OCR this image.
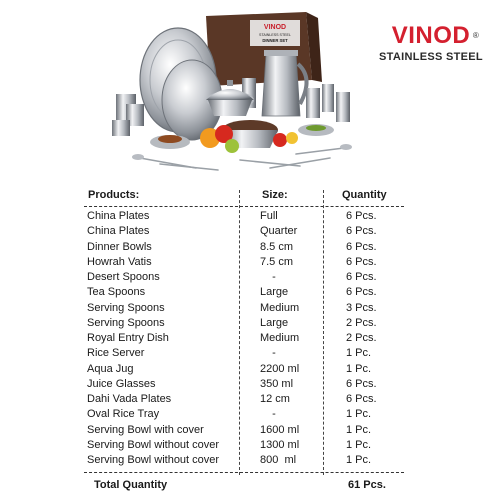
VINOD
STAINLESS STEEL
DINNER SET	VINOD ®
STAINLESS STEEL
Products:	Size:	Quantity
China Plates	Full	6 Pcs.
China Plates	Quarter	6 Pcs.
Dinner Bowls	8.5 cm	6 Pcs.
Howrah Vatis	7.5 cm	6 Pcs.
Desert Spoons	-	6 Pcs.
Tea Spoons	Large	6 Pcs.
Serving Spoons	Medium	3 Pcs.
Serving Spoons	Large	2 Pcs.
Royal Entry Dish	Medium	2 Pcs.
Rice Server	-	1 Pc.
Aqua Jug	2200 ml	1 Pc.
Juice Glasses	350 ml	6 Pcs.
Dahi Vada Plates	12 cm	6 Pcs.
Oval Rice Tray	-	1 Pc.
Serving Bowl with cover	1600 ml	1 Pc.
Serving Bowl without cover	1300 ml	1 Pc.
Serving Bowl without cover	800  ml	1 Pc.
Total Quantity	61 Pcs.
